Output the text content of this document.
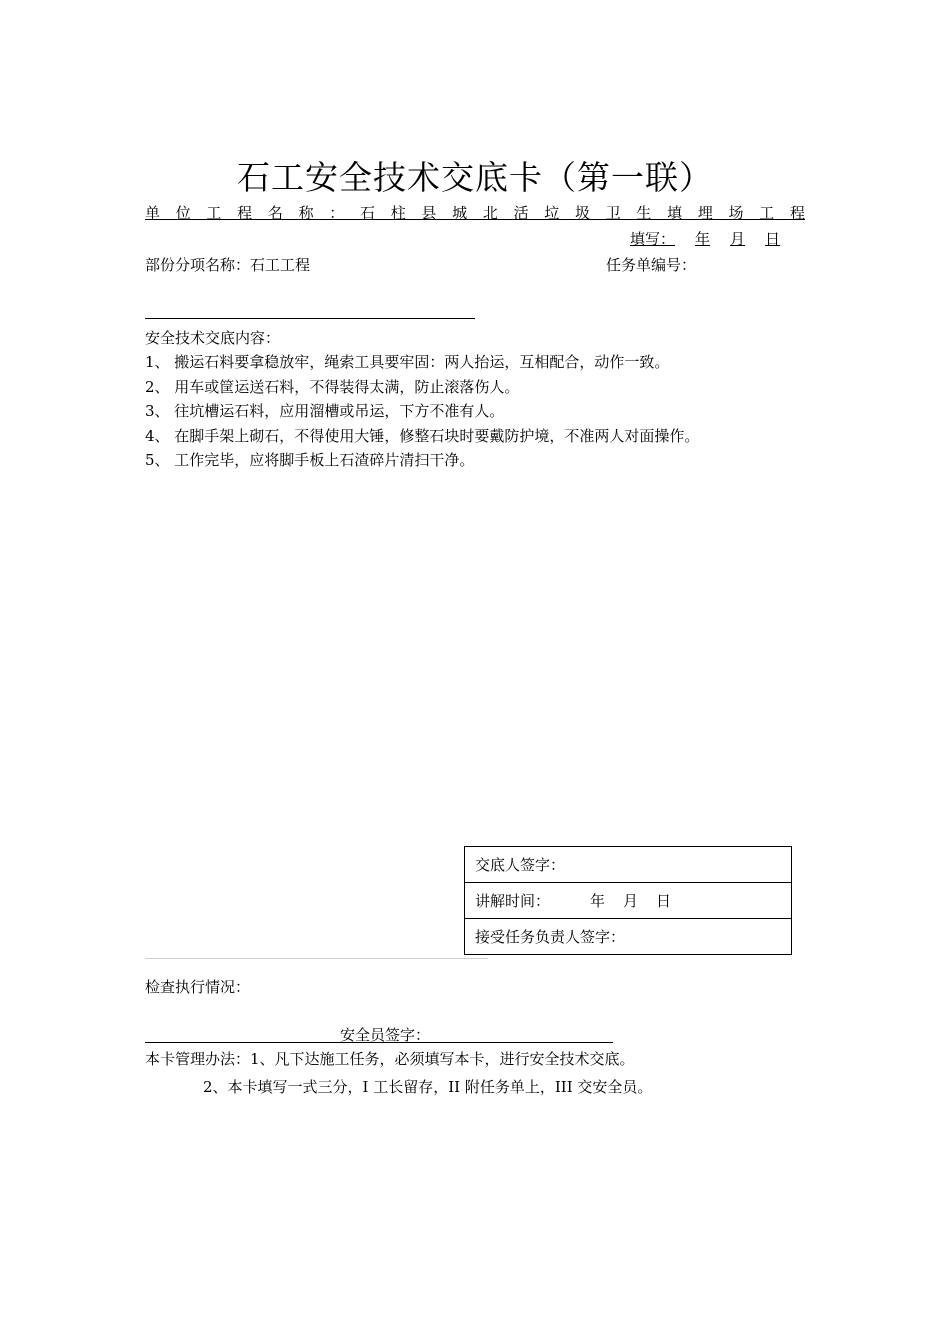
石工安全技术交底卡（第一联）
单位工程名称：石柱县城北活垃圾卫生填埋场工程
填写： 年 月 日
部份分项名称：石工工程	任务单编号：
安全技术交底内容：
1、 搬运石料要拿稳放牢，绳索工具要牢固：两人抬运，互相配合，动作一致。
2、 用车或筐运送石料，不得装得太满，防止滚落伤人。
3、 往坑槽运石料，应用溜槽或吊运，下方不准有人。
4、 在脚手架上砌石，不得使用大锤，修整石块时要戴防护境，不准两人对面操作。
5、 工作完毕，应将脚手板上石渣碎片清扫干净。
交底人签字：
讲解时间：	年 月 日
接受任务负责人签字：
检查执行情况：
安全员签字：
本卡管理办法：1、凡下达施工任务，必须填写本卡，进行安全技术交底。
2、本卡填写一式三分，I 工长留存，II 附任务单上，III 交安全员。
